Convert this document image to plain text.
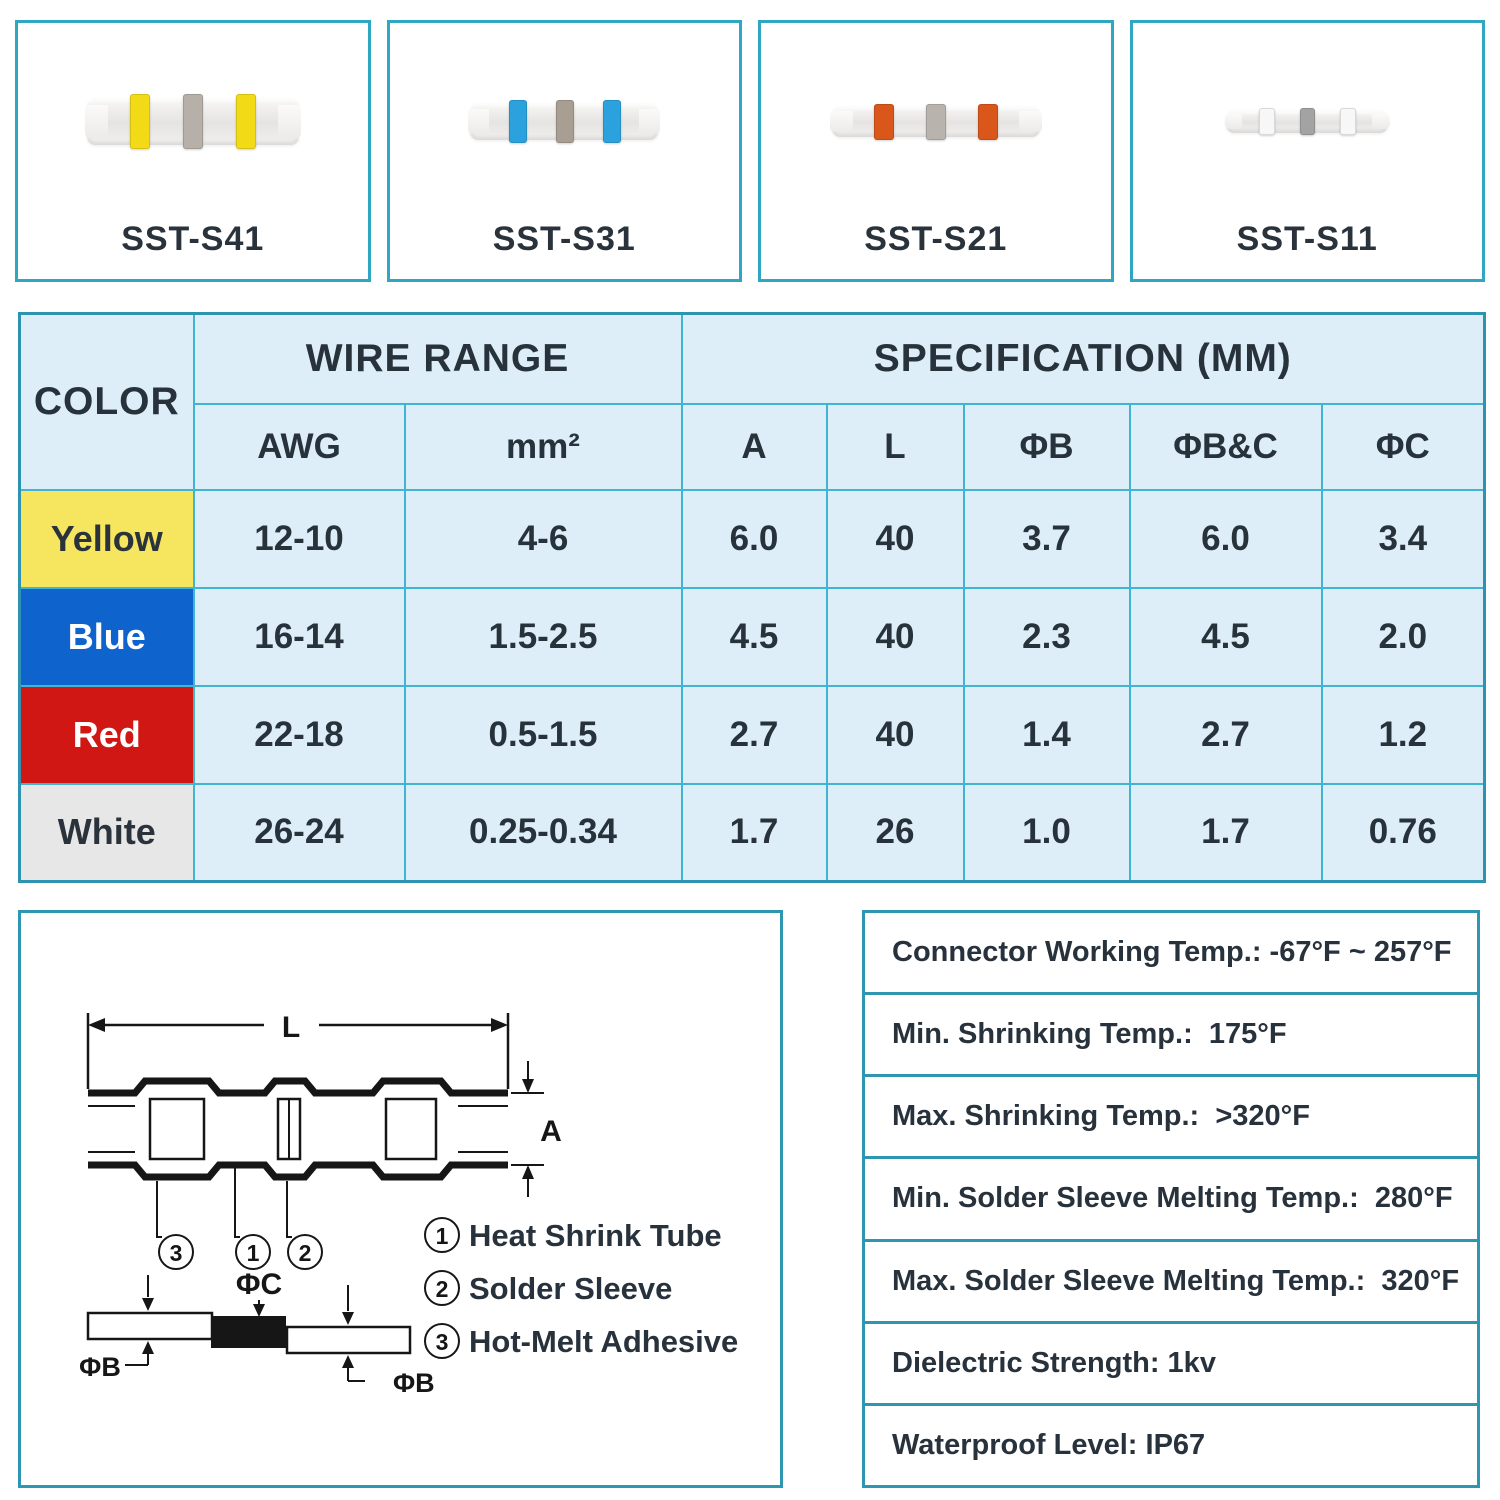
SST-S41	SST-S31	SST-S21	SST-S11
COLOR	WIRE RANGE		SPECIFICATION (MM)				
	AWG	mm²	A	L	ΦB	ΦB&C	ΦC
Yellow	12-10	4-6	6.0	40	3.7	6.0	3.4
Blue	16-14	1.5-2.5	4.5	40	2.3	4.5	2.0
Red	22-18	0.5-1.5	2.7	40	1.4	2.7	1.2
White	26-24	0.25-0.34	1.7	26	1.0	1.7	0.76
L
A
3	1 2
ΦC
ΦB
ΦB
1 Heat Shrink Tube
2 Solder Sleeve
3 Hot-Melt Adhesive
Connector Working Temp.: -67°F ~ 257°F
Min. Shrinking Temp.:  175°F
Max. Shrinking Temp.:  >320°F
Min. Solder Sleeve Melting Temp.:  280°F
Max. Solder Sleeve Melting Temp.:  320°F
Dielectric Strength: 1kv
Waterproof Level: IP67
